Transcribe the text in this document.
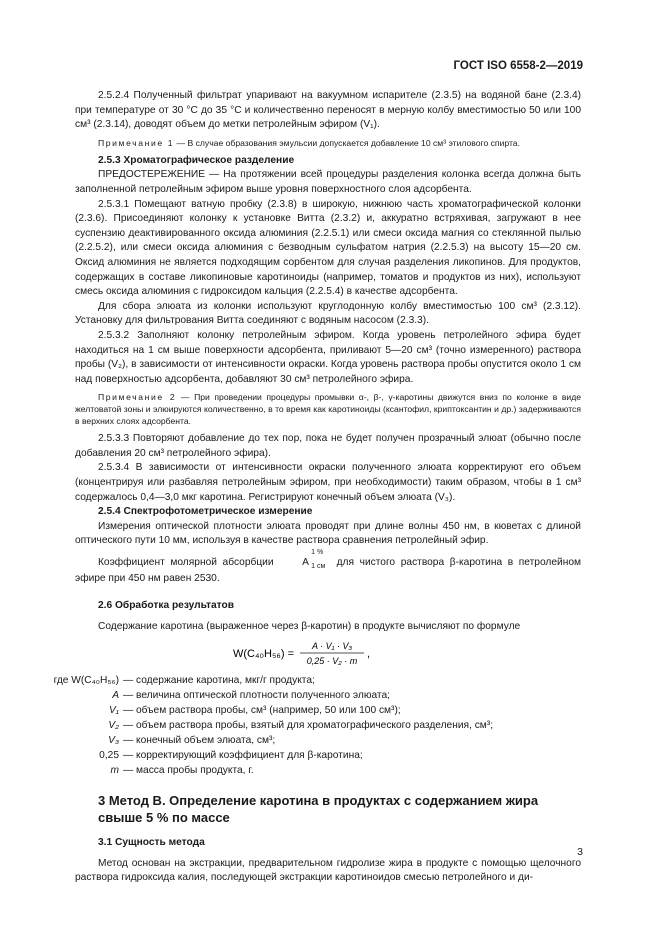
ГОСТ ISO 6558-2—2019

2.5.2.4 Полученный фильтрат упаривают на вакуумном испарителе (2.3.5) на водяной бане (2.3.4) при температуре от 30 °С до 35 °С и количественно переносят в мерную колбу вместимостью 50 или 100 см³ (2.3.14), доводят объем до метки петролейным эфиром (V₁).

Примечание 1 — В случае образования эмульсии допускается добавление 10 см³ этилового спирта.

2.5.3 Хроматографическое разделение

ПРЕДОСТЕРЕЖЕНИЕ — На протяжении всей процедуры разделения колонка всегда должна быть заполненной петролейным эфиром выше уровня поверхностного слоя адсорбента.

2.5.3.1 Помещают ватную пробку (2.3.8) в широкую, нижнюю часть хроматографической колонки (2.3.6). Присоединяют колонку к установке Витта (2.3.2) и, аккуратно встряхивая, загружают в нее суспензию деактивированного оксида алюминия (2.2.5.1) или смеси оксида магния со стеклянной пылью (2.2.5.2), или смеси оксида алюминия с безводным сульфатом натрия (2.2.5.3) на высоту 15—20 см. Оксид алюминия не является подходящим сорбентом для случая разделения ликопинов. Для продуктов, содержащих в составе ликопиновые каротиноиды (например, томатов и продуктов из них), используют смесь оксида алюминия с гидроксидом кальция (2.2.5.4) в качестве адсорбента.

Для сбора элюата из колонки используют круглодонную колбу вместимостью 100 см³ (2.3.12). Установку для фильтрования Витта соединяют с водяным насосом (2.3.3).

2.5.3.2 Заполняют колонку петролейным эфиром. Когда уровень петролейного эфира будет находиться на 1 см выше поверхности адсорбента, приливают 5—20 см³ (точно измеренного) раствора пробы (V₂), в зависимости от интенсивности окраски. Когда уровень раствора пробы опустится около 1 см над поверхностью адсорбента, добавляют 30 см³ петролейного эфира.

Примечание 2 — При проведении процедуры промывки α-, β-, γ-каротины движутся вниз по колонке в виде желтоватой зоны и элюируются количественно, в то время как каротиноиды (ксантофил, криптоксантин и др.) задерживаются в верхних слоях адсорбента.

2.5.3.3 Повторяют добавление до тех пор, пока не будет получен прозрачный элюат (обычно после добавления 20 см³ петролейного эфира).

2.5.3.4 В зависимости от интенсивности окраски полученного элюата корректируют его объем (концентрируя или разбавляя петролейным эфиром, при необходимости) таким образом, чтобы в 1 см³ содержалось 0,4—3,0 мкг каротина. Регистрируют конечный объем элюата (V₃).

2.5.4 Спектрофотометрическое измерение

Измерения оптической плотности элюата проводят при длине волны 450 нм, в кюветах с длиной оптического пути 10 мм, используя в качестве раствора сравнения петролейный эфир.

Коэффициент молярной абсорбции A
1 %
1 см для чистого раствора β-каротина в петролейном эфире при 450 нм равен 2530.

2.6 Обработка результатов

Содержание каротина (выраженное через β-каротин) в продукте вычисляют по формуле

W(C₄₀H₅₆) =
A · V₁ · V₃
0,25 · V₂ · m
,
где W(C₄₀H₅₆) — содержание каротина, мкг/г продукта;
A — величина оптической плотности полученного элюата;
V₁ — объем раствора пробы, см³ (например, 50 или 100 см³);
V₂ — объем раствора пробы, взятый для хроматографического разделения, см³;
V₃ — конечный объем элюата, см³;
0,25 — корректирующий коэффициент для β-каротина;
m — масса пробы продукта, г.
3 Метод В. Определение каротина в продуктах с содержанием жира свыше 5 % по массе
3.1 Сущность метода

Метод основан на экстракции, предварительном гидролизе жира в продукте с помощью щелочного раствора гидроксида калия, последующей экстракции каротиноидов смесью петролейного и ди-

3
